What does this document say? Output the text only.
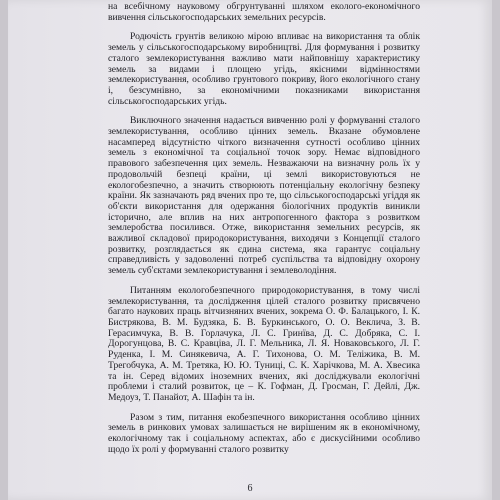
на всебічному науковому обгрунтуванні шляхом еколого-економічного вивчення сільськогосподарських земельних ресурсів.

Родючість грунтів великою мірою впливає на використання та облік земель у сільськогосподарському виробництві. Для формування і розвитку сталого землекористування важливо мати найповнішу характеристику земель за видами і площею угідь, якісними відмінностями землекористування, особливо грунтового покриву, його екологічного стану і, безсумнівно, за економічними показниками використання сільськогосподарських угідь.

Виключного значення надається вивченню ролі у формуванні сталого землекористування, особливо цінних земель. Вказане обумовлене насамперед відсутністю чіткого визначення сутності особливо цінних земель з економічної та соціальної точок зору. Немає відповідного правового забезпечення цих земель. Незважаючи на визначну роль їх у продовольчій безпеці країни, ці землі використовуються не екологобезпечно, а значить створюють потенціальну екологічну безпеку країни. Як зазначають ряд вчених про те, що сільськогосподарські угіддя як об'єкти використання для одержання біологічних продуктів виникли історично, але вплив на них антропогенного фактора з розвитком землеробства посилився. Отже, використання земельних ресурсів, як важливої складової природокористування, виходячи з Концепції сталого розвитку, розглядається як єдина система, яка гарантує соціальну справедливість у задоволенні потреб суспільства та відповідну охорону земель суб'єктами землекористування і землеволодіння.

Питанням екологобезпечного природокористування, в тому числі землекористування, та дослідження цілей сталого розвитку присвячено багато наукових праць вітчизняних вчених, зокрема О. Ф. Балацького, І. К. Бистрякова, В. М. Будзяка, Б. В. Буркинського, О. О. Веклича, З. В. Герасимчука, В. В. Горлачука, Л. С. Гринїва, Д. С. Добряка, С. І. Дорогунцова, В. С. Кравціва, Л. Г. Мельника, Л. Я. Новаковського, Л. Г. Руденка, І. М. Синякевича, А. Г. Тихонова, О. М. Теліжика, В. М. Трегобчука, А. М. Третяка, Ю. Ю. Туниці, С. К. Харічкова, М. А. Хвесика та ін. Серед відомих іноземних вчених, які досліджували екологічні проблеми і сталий розвиток, це – К. Гофман, Д. Гросман, Г. Дейлі, Дж. Медоуз, Т. Панайот, А. Шафін та ін.

Разом з тим, питання екобезпечного використання особливо цінних земель в ринкових умовах залишається не вирішеним як в економічному, екологічному так і соціальному аспектах, або є дискусійними особливо щодо їх ролі у формуванні сталого розвитку

6
